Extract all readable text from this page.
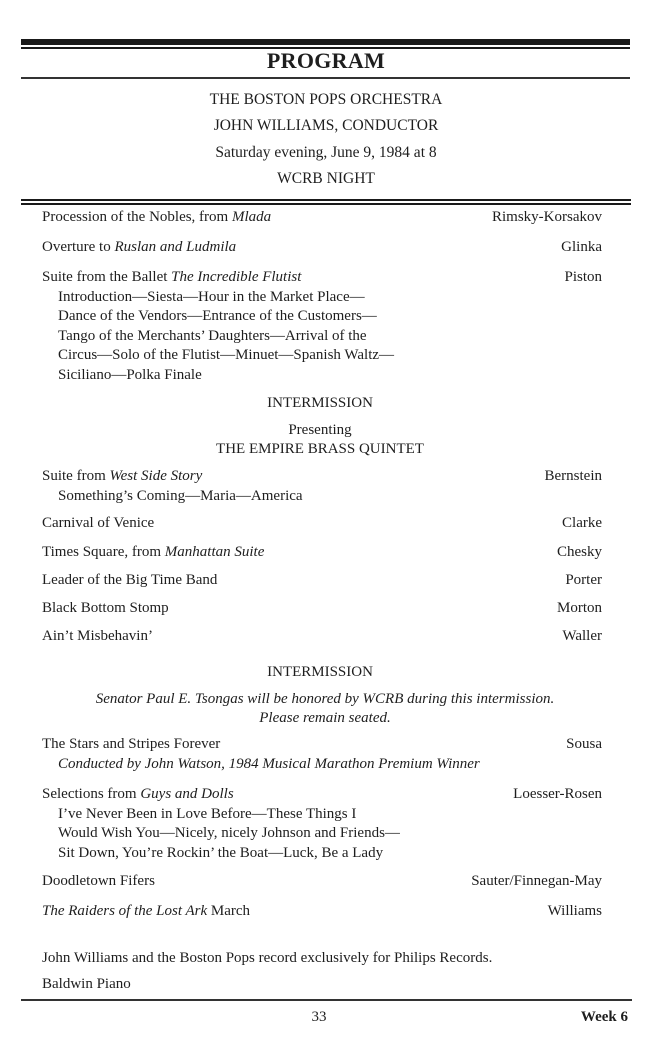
PROGRAM
THE BOSTON POPS ORCHESTRA
JOHN WILLIAMS, CONDUCTOR
Saturday evening, June 9, 1984 at 8
WCRB NIGHT
Procession of the Nobles, from Mlada	Rimsky-Korsakov
Overture to Ruslan and Ludmila	Glinka
Suite from the Ballet The Incredible Flutist	Piston
Introduction—Siesta—Hour in the Market Place—
Dance of the Vendors—Entrance of the Customers—
Tango of the Merchants’ Daughters—Arrival of the
Circus—Solo of the Flutist—Minuet—Spanish Waltz—
Siciliano—Polka Finale
INTERMISSION
Presenting
THE EMPIRE BRASS QUINTET
Suite from West Side Story	Bernstein
Something’s Coming—Maria—America
Carnival of Venice	Clarke
Times Square, from Manhattan Suite	Chesky
Leader of the Big Time Band	Porter
Black Bottom Stomp	Morton
Ain’t Misbehavin’	Waller
INTERMISSION
Senator Paul E. Tsongas will be honored by WCRB during this intermission.
Please remain seated.
The Stars and Stripes Forever	Sousa
Conducted by John Watson, 1984 Musical Marathon Premium Winner
Selections from Guys and Dolls	Loesser-Rosen
I’ve Never Been in Love Before—These Things I
Would Wish You—Nicely, nicely Johnson and Friends—
Sit Down, You’re Rockin’ the Boat—Luck, Be a Lady
Doodletown Fifers	Sauter/Finnegan-May
The Raiders of the Lost Ark March	Williams
John Williams and the Boston Pops record exclusively for Philips Records.
Baldwin Piano
33	Week 6
